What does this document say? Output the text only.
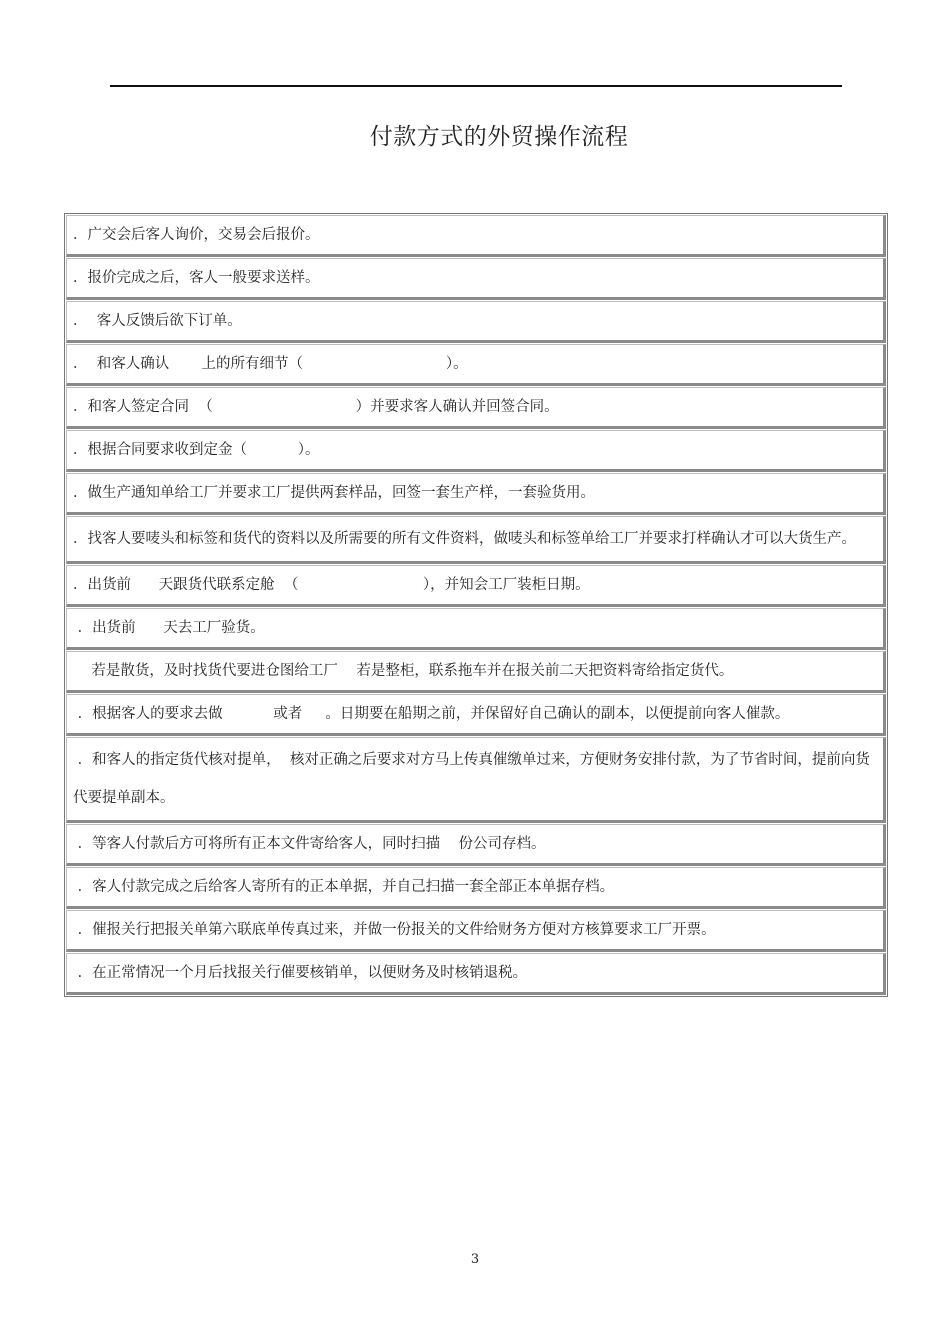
付款方式的外贸操作流程
．广交会后客人询价，交易会后报价。
．报价完成之后，客人一般要求送样。
．  客人反馈后欲下订单。
．  和客人确认       上的所有细节（                               ）。
．和客人签定合同  （                               ）并要求客人确认并回签合同。
．根据合同要求收到定金（           ）。
．做生产通知单给工厂并要求工厂提供两套样品，回签一套生产样，一套验货用。
．找客人要唛头和标签和货代的资料以及所需要的所有文件资料，做唛头和标签单给工厂并要求打样确认才可以大货生产。
．出货前      天跟货代联系定舱  （                           ），并知会工厂装柜日期。
．出货前      天去工厂验货。
若是散货，及时找货代要进仓图给工厂    若是整柜，联系拖车并在报关前二天把资料寄给指定货代。
．根据客人的要求去做           或者     。日期要在船期之前，并保留好自己确认的副本，以便提前向客人催款。
．和客人的指定货代核对提单，  核对正确之后要求对方马上传真催缴单过来，方便财务安排付款，为了节省时间，提前向货代要提单副本。
．等客人付款后方可将所有正本文件寄给客人，同时扫描    份公司存档。
．客人付款完成之后给客人寄所有的正本单据，并自己扫描一套全部正本单据存档。
．催报关行把报关单第六联底单传真过来，并做一份报关的文件给财务方便对方核算要求工厂开票。
．在正常情况一个月后找报关行催要核销单，以便财务及时核销退税。
3
